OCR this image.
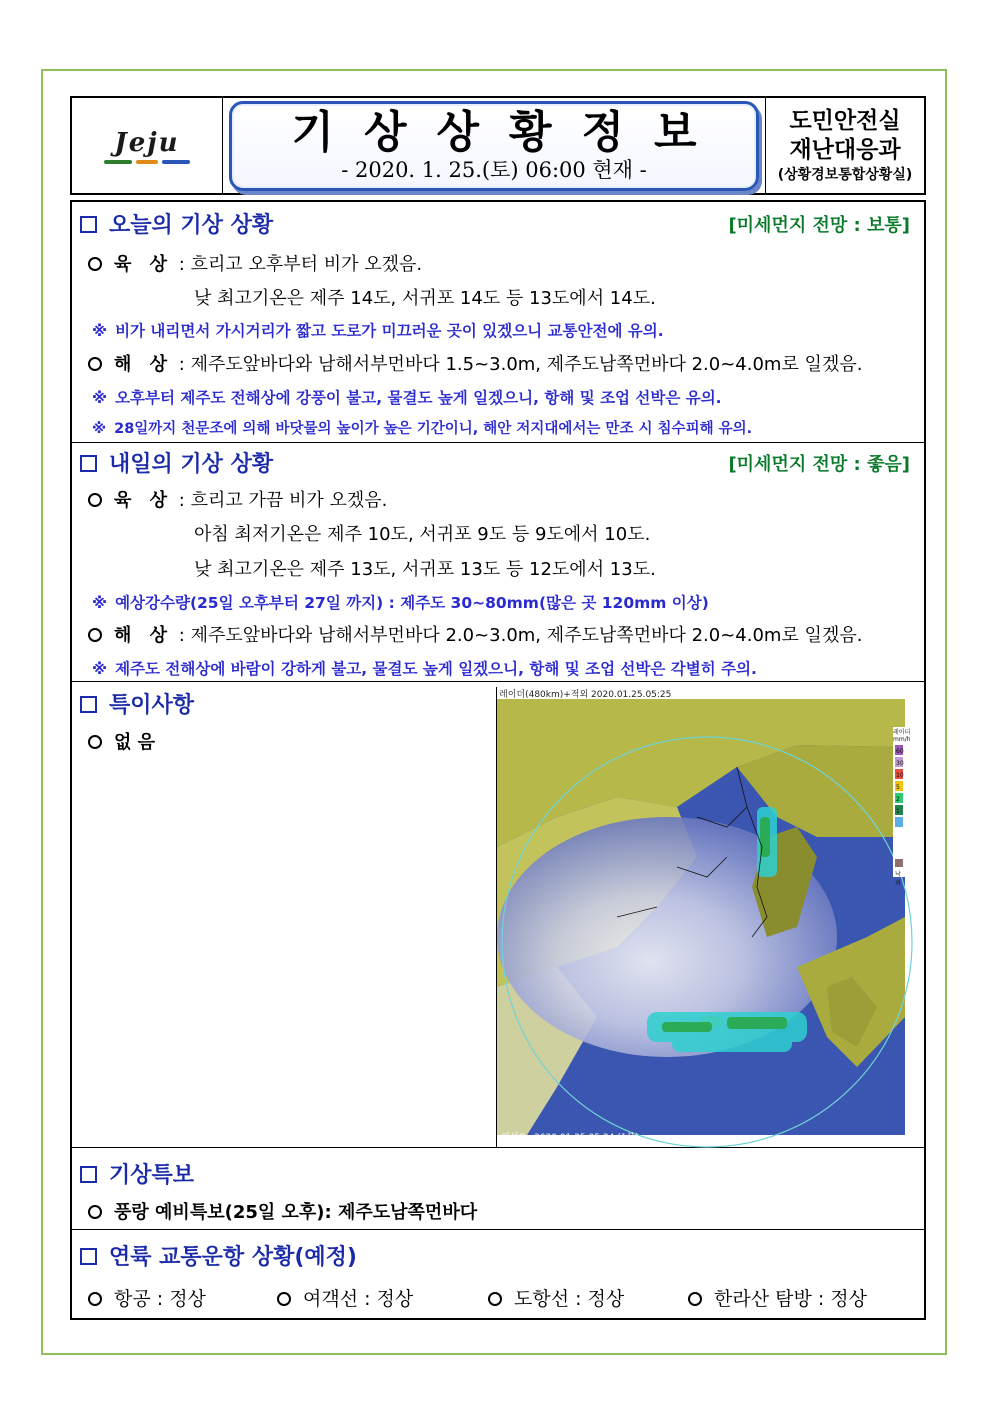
Jeju	기상상황정보
- 2020. 1. 25.(토) 06:00 현재 -
도민안전실
재난대응과
(상황경보통합상황실)
오늘의 기상 상황	[미세먼지 전망 : 보통]
육 상 : 흐리고 오후부터 비가 오겠음.
낮 최고기온은 제주 14도, 서귀포 14도 등 13도에서 14도.
※ 비가 내리면서 가시거리가 짧고 도로가 미끄러운 곳이 있겠으니 교통안전에 유의.
해 상 : 제주도앞바다와 남해서부먼바다 1.5~3.0m, 제주도남쪽먼바다 2.0~4.0m로 일겠음.
※ 오후부터 제주도 전해상에 강풍이 불고, 물결도 높게 일겠으니, 항해 및 조업 선박은 유의.
※ 28일까지 천문조에 의해 바닷물의 높이가 높은 기간이니, 해안 저지대에서는 만조 시 침수피해 유의.
내일의 기상 상황	[미세먼지 전망 : 좋음]
육 상 : 흐리고 가끔 비가 오겠음.
아침 최저기온은 제주 10도, 서귀포 9도 등 9도에서 10도.
낮 최고기온은 제주 13도, 서귀포 13도 등 12도에서 13도.
※ 예상강수량(25일 오후부터 27일 까지) : 제주도 30~80mm(많은 곳 120mm 이상)
해 상 : 제주도앞바다와 남해서부먼바다 2.0~3.0m, 제주도남쪽먼바다 2.0~4.0m로 일겠음.
※ 제주도 전해상에 바람이 강하게 불고, 물결도 높게 일겠으니, 항해 및 조업 선박은 각별히 주의.
특이사항
없 음
레이더(480km)+적외 2020.01.25.05:25
위성G : 2020.01.25.05:24 (1분)
레이더
mm/h
60
30
10
5
2
1
낙뢰
기상특보
풍랑 예비특보(25일 오후): 제주도남쪽먼바다
연륙 교통운항 상황(예정)
항공 : 정상	여객선 : 정상	도항선 : 정상	한라산 탐방 : 정상
